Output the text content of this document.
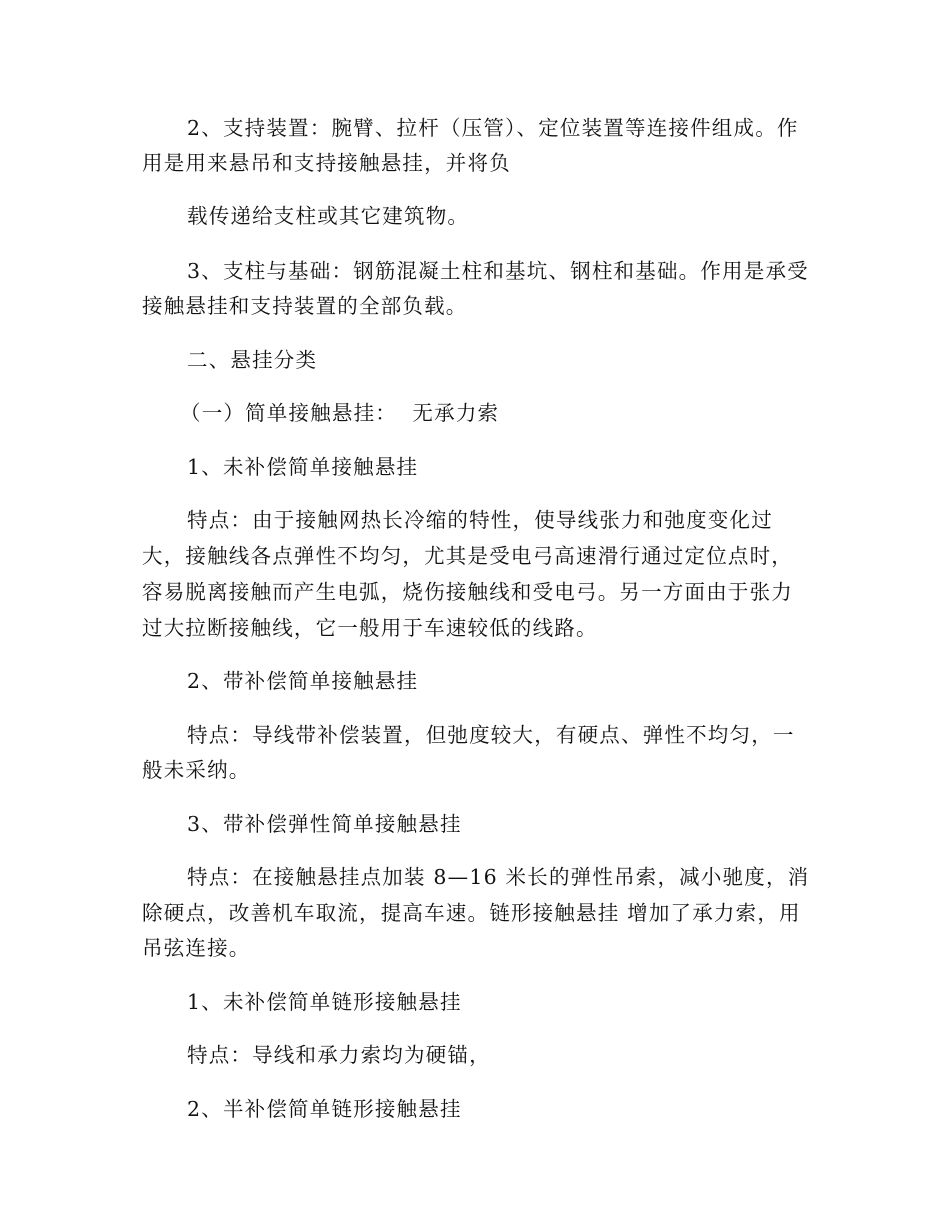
2、支持装置：腕臂、拉杆（压管）、定位装置等连接件组成。作
用是用来悬吊和支持接触悬挂，并将负
载传递给支柱或其它建筑物。
3、支柱与基础：钢筋混凝土柱和基坑、钢柱和基础。作用是承受
接触悬挂和支持装置的全部负载。
二、悬挂分类
（一）简单接触悬挂：  无承力索
1、未补偿简单接触悬挂
特点：由于接触网热长冷缩的特性，使导线张力和弛度变化过
大，接触线各点弹性不均匀，尤其是受电弓高速滑行通过定位点时，
容易脱离接触而产生电弧，烧伤接触线和受电弓。另一方面由于张力
过大拉断接触线，它一般用于车速较低的线路。
2、带补偿简单接触悬挂
特点：导线带补偿装置，但弛度较大，有硬点、弹性不均匀，一
般未采纳。
3、带补偿弹性简单接触悬挂
特点：在接触悬挂点加装 8—16 米长的弹性吊索，减小驰度，消
除硬点，改善机车取流，提高车速。链形接触悬挂 增加了承力索，用
吊弦连接。
1、未补偿简单链形接触悬挂
特点：导线和承力索均为硬锚，
2、半补偿简单链形接触悬挂
